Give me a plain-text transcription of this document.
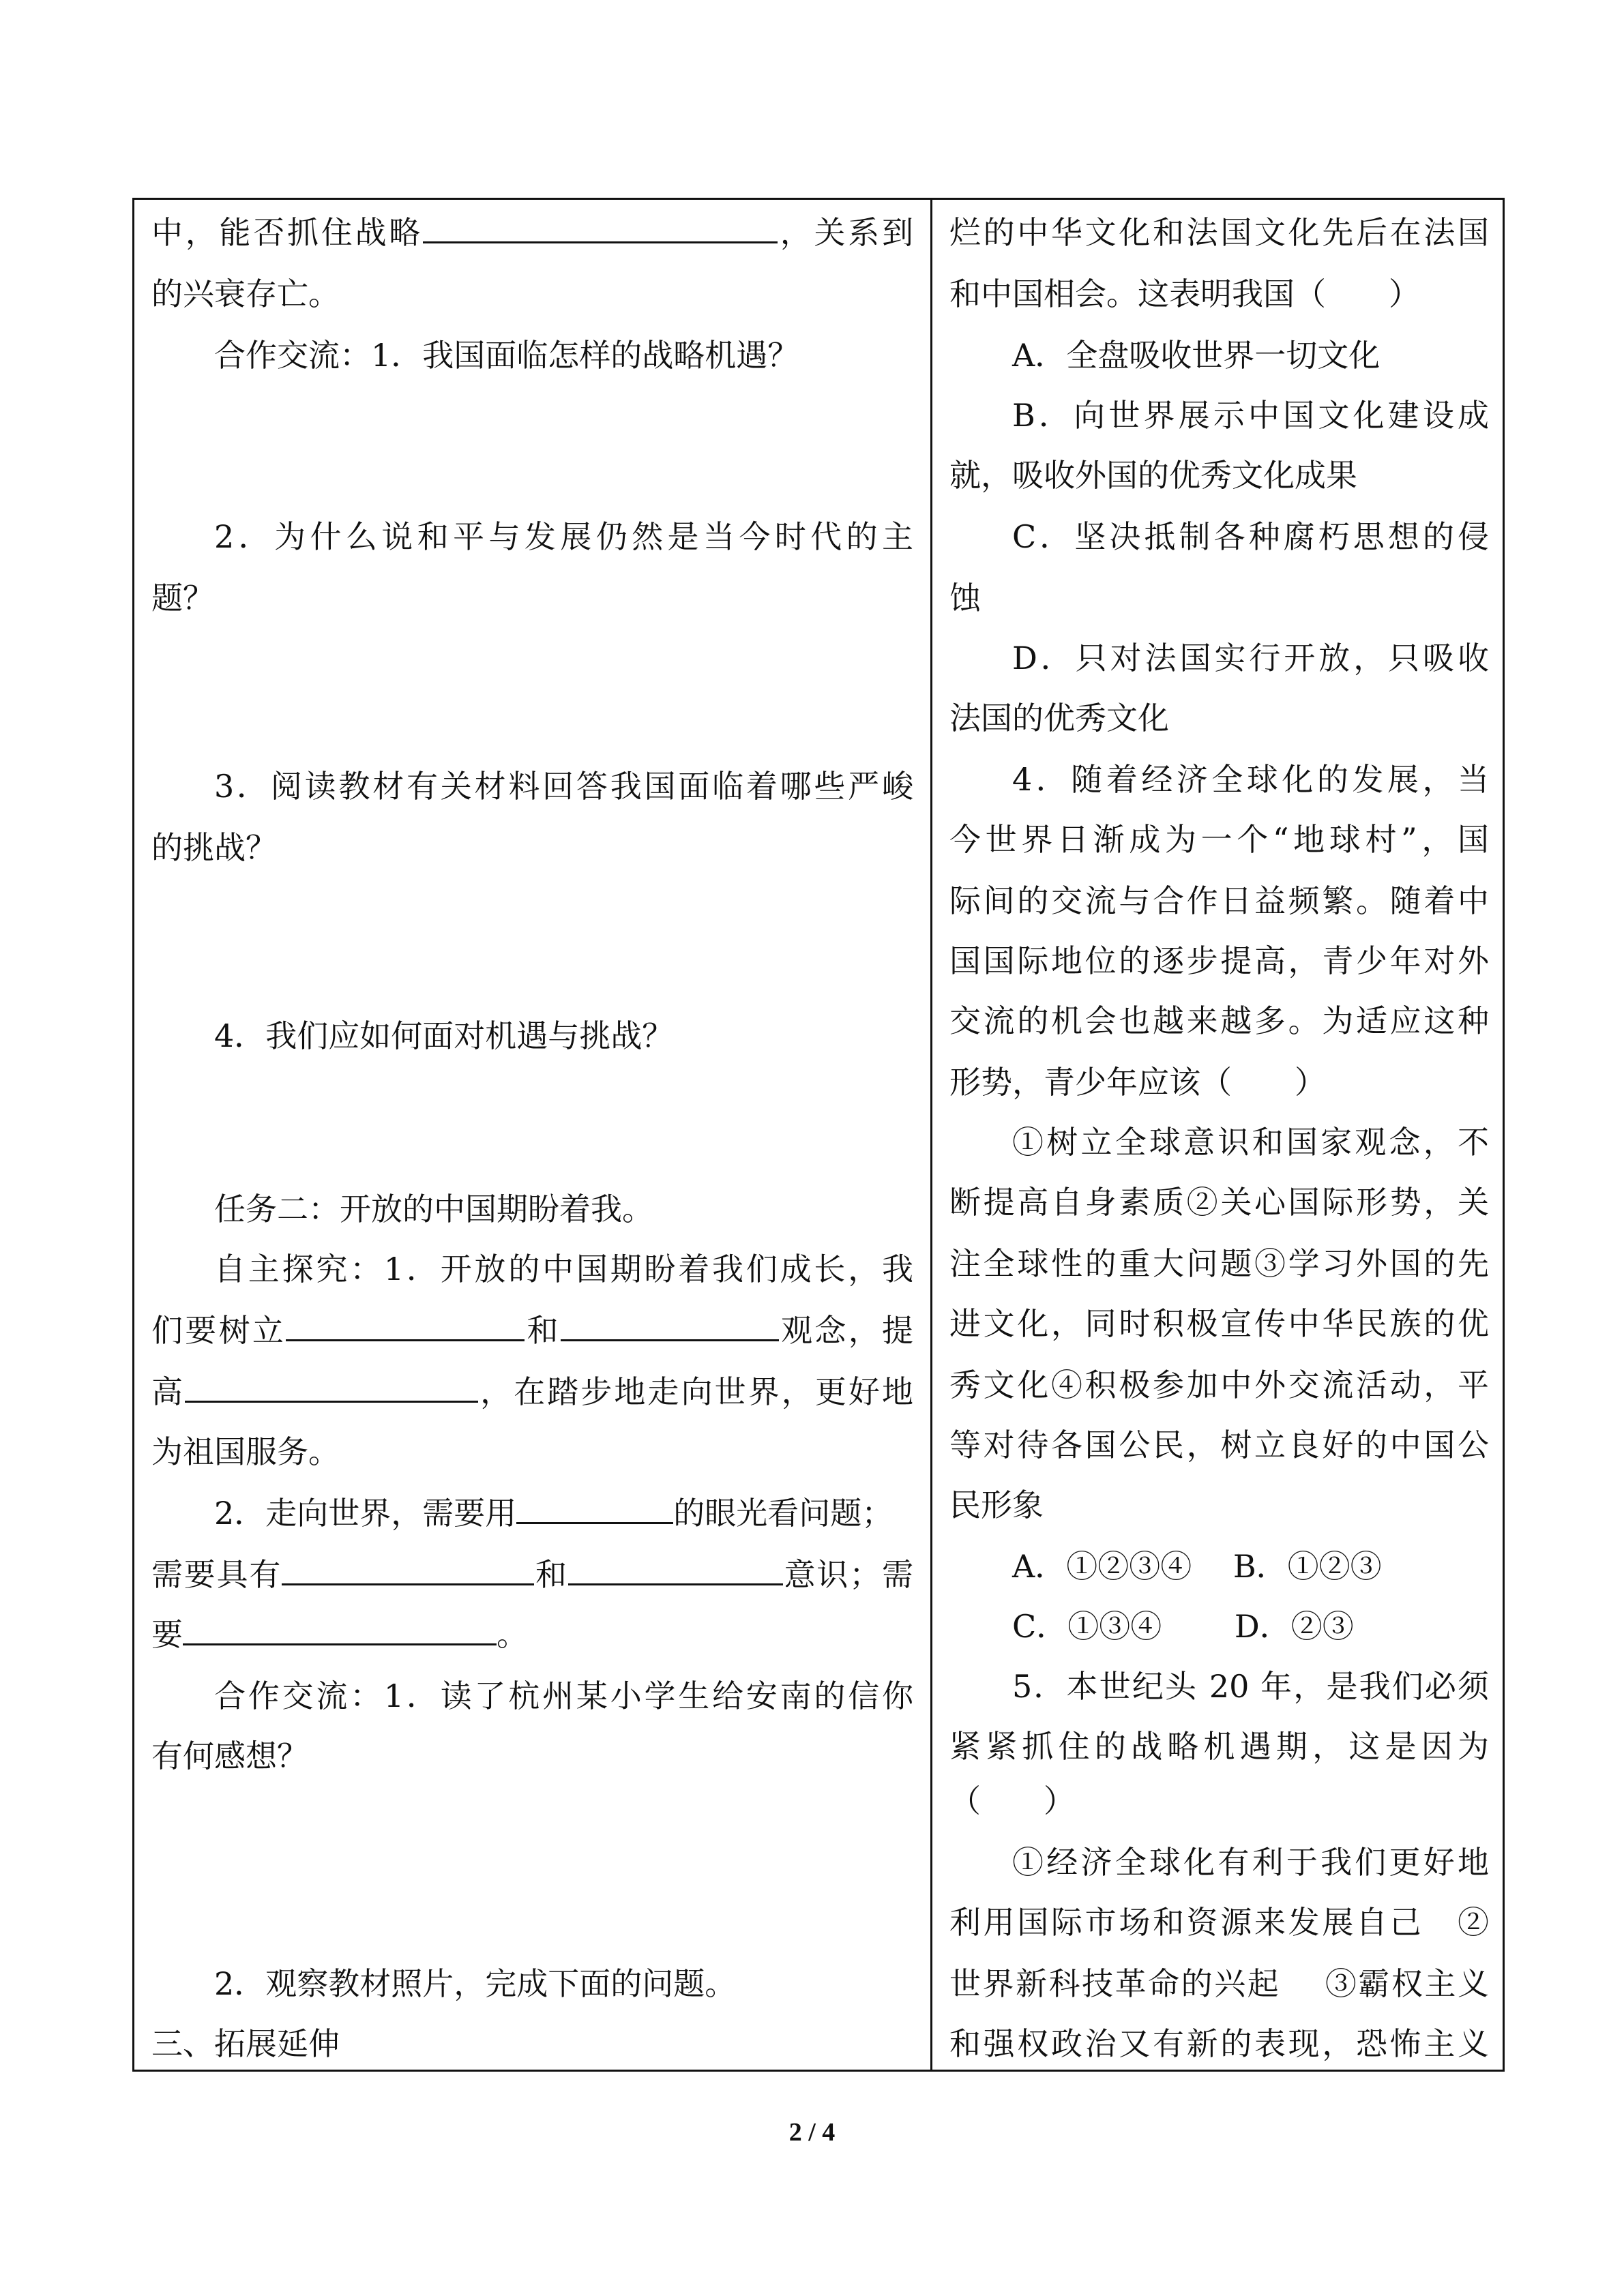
中，能否抓住战略	，关系到
的兴衰存亡。
合作交流：1．我国面临怎样的战略机遇？
2．为什么说和平与发展仍然是当今时代的主
题？
3．阅读教材有关材料回答我国面临着哪些严峻
的挑战？
4．我们应如何面对机遇与挑战？
任务二：开放的中国期盼着我。
自主探究：1．开放的中国期盼着我们成长，我
们要树立	和	观念，提
高	，在踏步地走向世界，更好地
为祖国服务。
2．走向世界，需要用	的眼光看问题；
需要具有	和	意识；需
要	。
合作交流：1．读了杭州某小学生给安南的信你
有何感想？
2．观察教材照片，完成下面的问题。
三、拓展延伸
烂的中华文化和法国文化先后在法国
和中国相会。这表明我国（　　）
A．全盘吸收世界一切文化
B．向世界展示中国文化建设成
就，吸收外国的优秀文化成果
C．坚决抵制各种腐朽思想的侵
蚀
D．只对法国实行开放，只吸收
法国的优秀文化
4．随着经济全球化的发展，当
今世界日渐成为一个“地球村”，国
际间的交流与合作日益频繁。随着中
国国际地位的逐步提高，青少年对外
交流的机会也越来越多。为适应这种
形势，青少年应该（　　）
①树立全球意识和国家观念，不
断提高自身素质②关心国际形势，关
注全球性的重大问题③学习外国的先
进文化，同时积极宣传中华民族的优
秀文化④积极参加中外交流活动，平
等对待各国公民，树立良好的中国公
民形象
A．①②③④　 B．①②③
C．①③④　　 D．②③
5．本世纪头 20 年，是我们必须
紧紧抓住的战略机遇期，这是因为
（　　）
①经济全球化有利于我们更好地
利用国际市场和资源来发展自己　②
世界新科技革命的兴起　 ③霸权主义
和强权政治又有新的表现，恐怖主义
2 / 4
